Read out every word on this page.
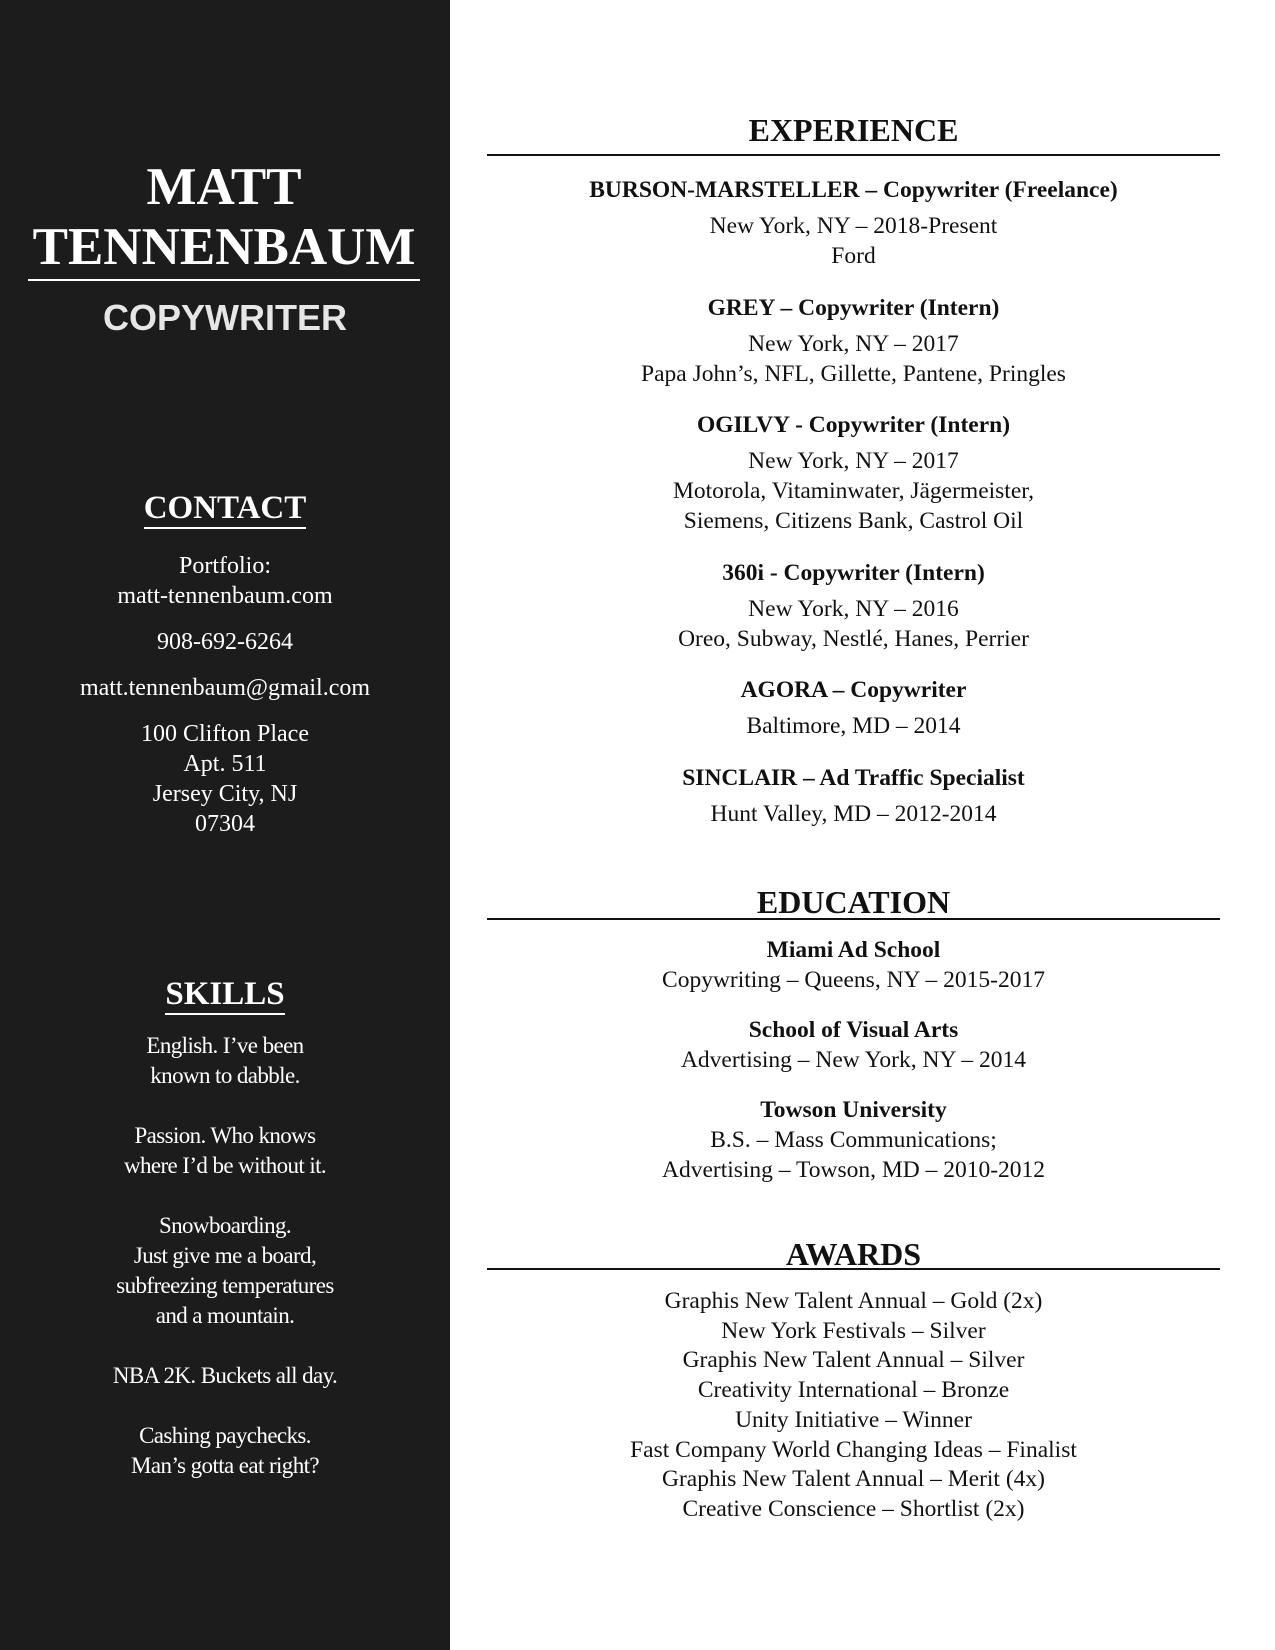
MATT
TENNENBAUM
COPYWRITER
CONTACT
Portfolio:
matt-tennenbaum.com
908-692-6264
matt.tennenbaum@gmail.com
100 Clifton Place
Apt. 511
Jersey City, NJ
07304
SKILLS
English. I’ve been
known to dabble.
Passion. Who knows
where I’d be without it.
Snowboarding.
Just give me a board,
subfreezing temperatures
and a mountain.
NBA 2K. Buckets all day.
Cashing paychecks.
Man’s gotta eat right?
EXPERIENCE
BURSON-MARSTELLER – Copywriter (Freelance)
New York, NY – 2018-Present
Ford
GREY – Copywriter (Intern)
New York, NY – 2017
Papa John’s, NFL, Gillette, Pantene, Pringles
OGILVY - Copywriter (Intern)
New York, NY – 2017
Motorola, Vitaminwater, Jägermeister,
Siemens, Citizens Bank, Castrol Oil
360i - Copywriter (Intern)
New York, NY – 2016
Oreo, Subway, Nestlé, Hanes, Perrier
AGORA – Copywriter
Baltimore, MD – 2014
SINCLAIR – Ad Traffic Specialist
Hunt Valley, MD – 2012-2014
EDUCATION
Miami Ad School
Copywriting – Queens, NY – 2015-2017
School of Visual Arts
Advertising – New York, NY – 2014
Towson University
B.S. – Mass Communications;
Advertising – Towson, MD – 2010-2012
AWARDS
Graphis New Talent Annual – Gold (2x)
New York Festivals – Silver
Graphis New Talent Annual – Silver
Creativity International – Bronze
Unity Initiative – Winner
Fast Company World Changing Ideas – Finalist
Graphis New Talent Annual – Merit (4x)
Creative Conscience – Shortlist (2x)
